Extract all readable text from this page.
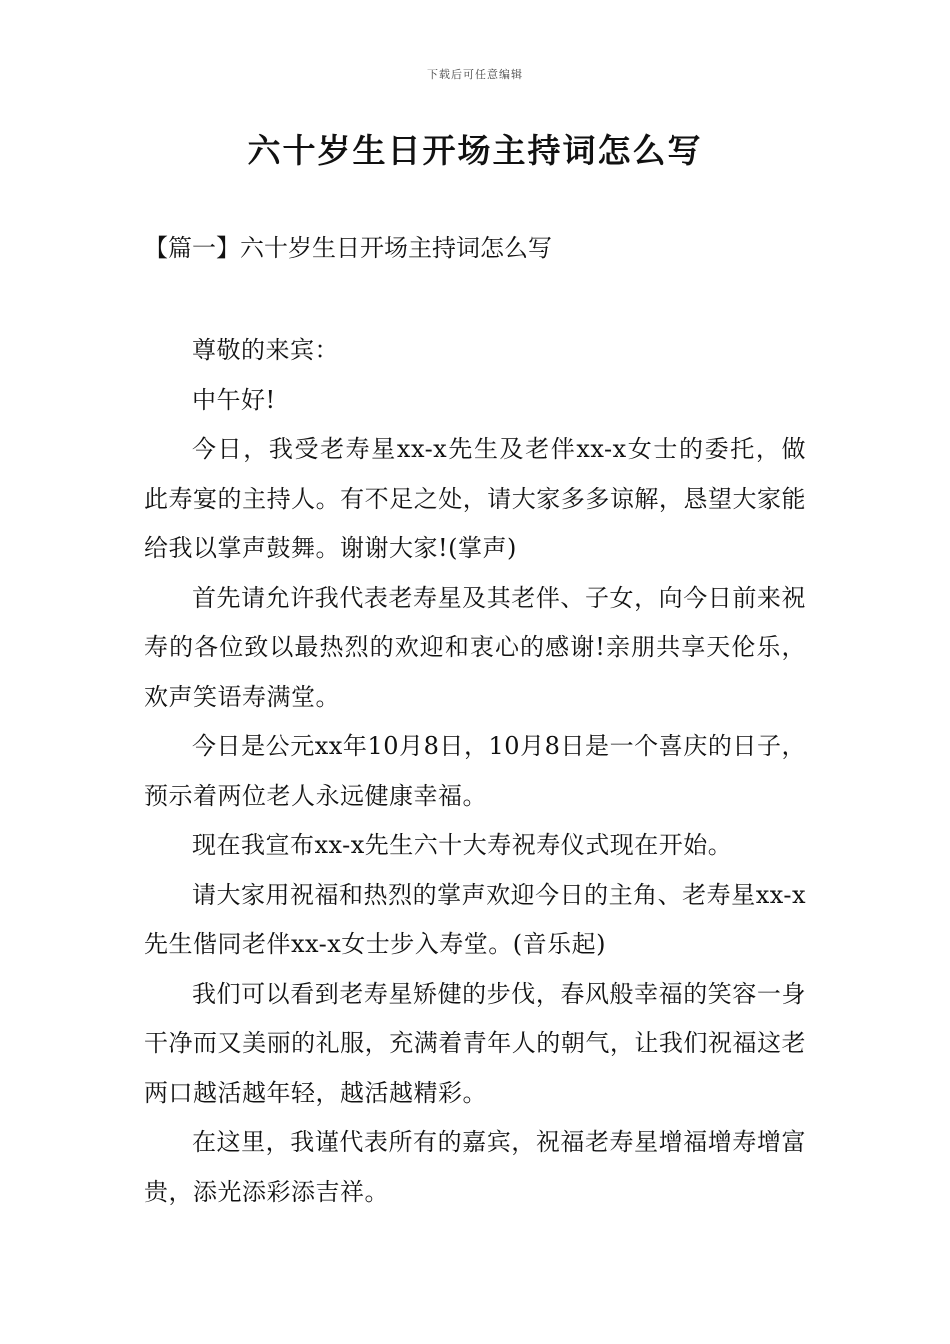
下载后可任意编辑
六十岁生日开场主持词怎么写
【篇一】六十岁生日开场主持词怎么写

尊敬的来宾：

中午好!

今日，我受老寿星xx-x先生及老伴xx-x女士的委托，做此寿宴的主持人。有不足之处，请大家多多谅解，恳望大家能给我以掌声鼓舞。谢谢大家!(掌声)

首先请允许我代表老寿星及其老伴、子女，向今日前来祝寿的各位致以最热烈的欢迎和衷心的感谢!亲朋共享天伦乐，欢声笑语寿满堂。

今日是公元xx年10月8日，10月8日是一个喜庆的日子，预示着两位老人永远健康幸福。

现在我宣布xx-x先生六十大寿祝寿仪式现在开始。

请大家用祝福和热烈的掌声欢迎今日的主角、老寿星xx-x先生偕同老伴xx-x女士步入寿堂。(音乐起)

我们可以看到老寿星矫健的步伐，春风般幸福的笑容一身干净而又美丽的礼服，充满着青年人的朝气，让我们祝福这老两口越活越年轻，越活越精彩。

在这里，我谨代表所有的嘉宾，祝福老寿星增福增寿增富贵，添光添彩添吉祥。
